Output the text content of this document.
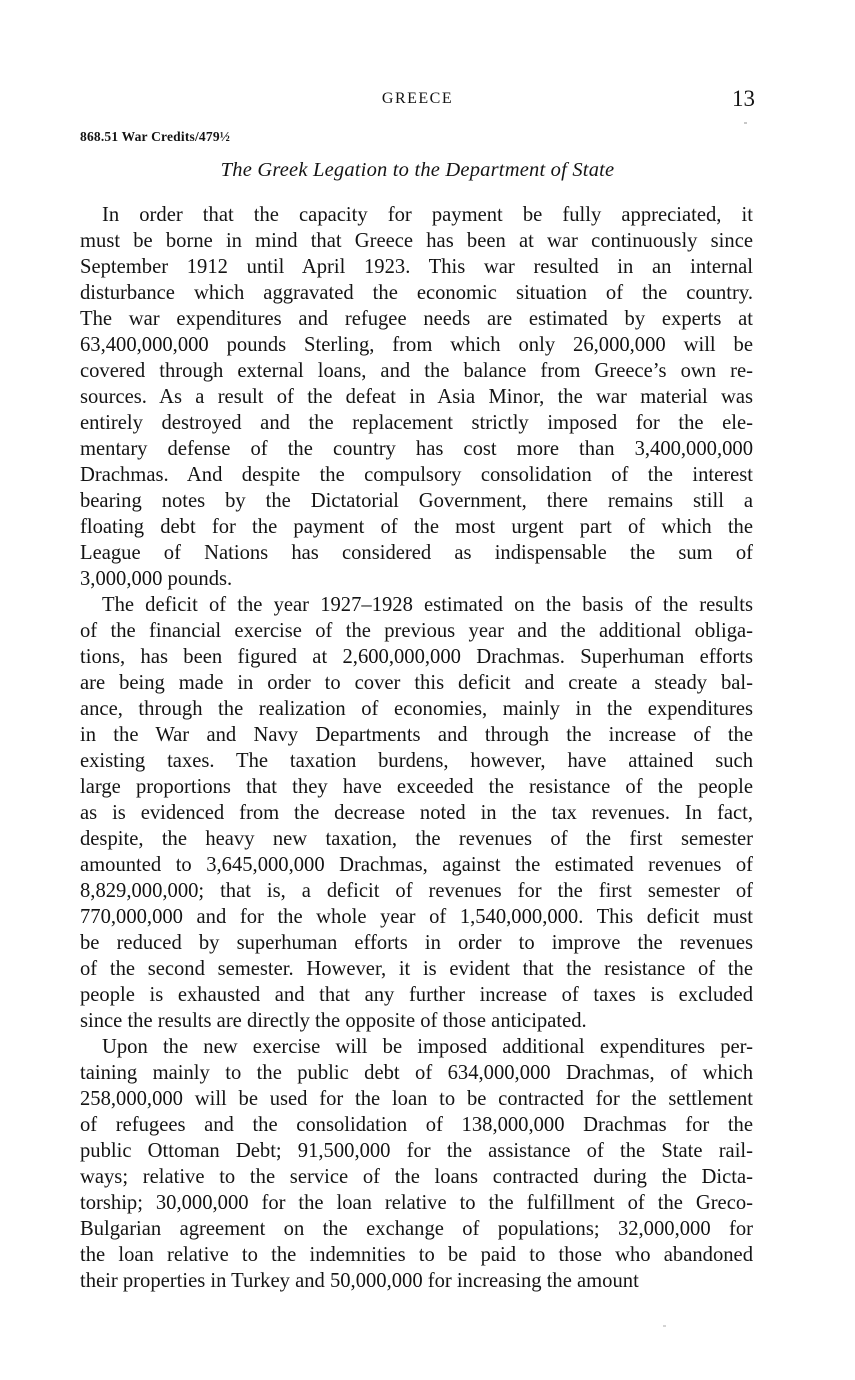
GREECE	13
868.51 War Credits/479½
The Greek Legation to the Department of State
In order that the capacity for payment be fully appreciated, it
must be borne in mind that Greece has been at war continuously since
September 1912 until April 1923. This war resulted in an internal
disturbance which aggravated the economic situation of the country.
The war expenditures and refugee needs are estimated by experts at
63,400,000,000 pounds Sterling, from which only 26,000,000 will be
covered through external loans, and the balance from Greece’s own re-
sources. As a result of the defeat in Asia Minor, the war material was
entirely destroyed and the replacement strictly imposed for the ele-
mentary defense of the country has cost more than 3,400,000,000
Drachmas. And despite the compulsory consolidation of the interest
bearing notes by the Dictatorial Government, there remains still a
floating debt for the payment of the most urgent part of which the
League of Nations has considered as indispensable the sum of
3,000,000 pounds.
The deficit of the year 1927–1928 estimated on the basis of the results
of the financial exercise of the previous year and the additional obliga-
tions, has been figured at 2,600,000,000 Drachmas. Superhuman efforts
are being made in order to cover this deficit and create a steady bal-
ance, through the realization of economies, mainly in the expenditures
in the War and Navy Departments and through the increase of the
existing taxes. The taxation burdens, however, have attained such
large proportions that they have exceeded the resistance of the people
as is evidenced from the decrease noted in the tax revenues. In fact,
despite, the heavy new taxation, the revenues of the first semester
amounted to 3,645,000,000 Drachmas, against the estimated revenues of
8,829,000,000; that is, a deficit of revenues for the first semester of
770,000,000 and for the whole year of 1,540,000,000. This deficit must
be reduced by superhuman efforts in order to improve the revenues
of the second semester. However, it is evident that the resistance of the
people is exhausted and that any further increase of taxes is excluded
since the results are directly the opposite of those anticipated.
Upon the new exercise will be imposed additional expenditures per-
taining mainly to the public debt of 634,000,000 Drachmas, of which
258,000,000 will be used for the loan to be contracted for the settlement
of refugees and the consolidation of 138,000,000 Drachmas for the
public Ottoman Debt; 91,500,000 for the assistance of the State rail-
ways; relative to the service of the loans contracted during the Dicta-
torship; 30,000,000 for the loan relative to the fulfillment of the Greco-
Bulgarian agreement on the exchange of populations; 32,000,000 for
the loan relative to the indemnities to be paid to those who abandoned
their properties in Turkey and 50,000,000 for increasing the amount
